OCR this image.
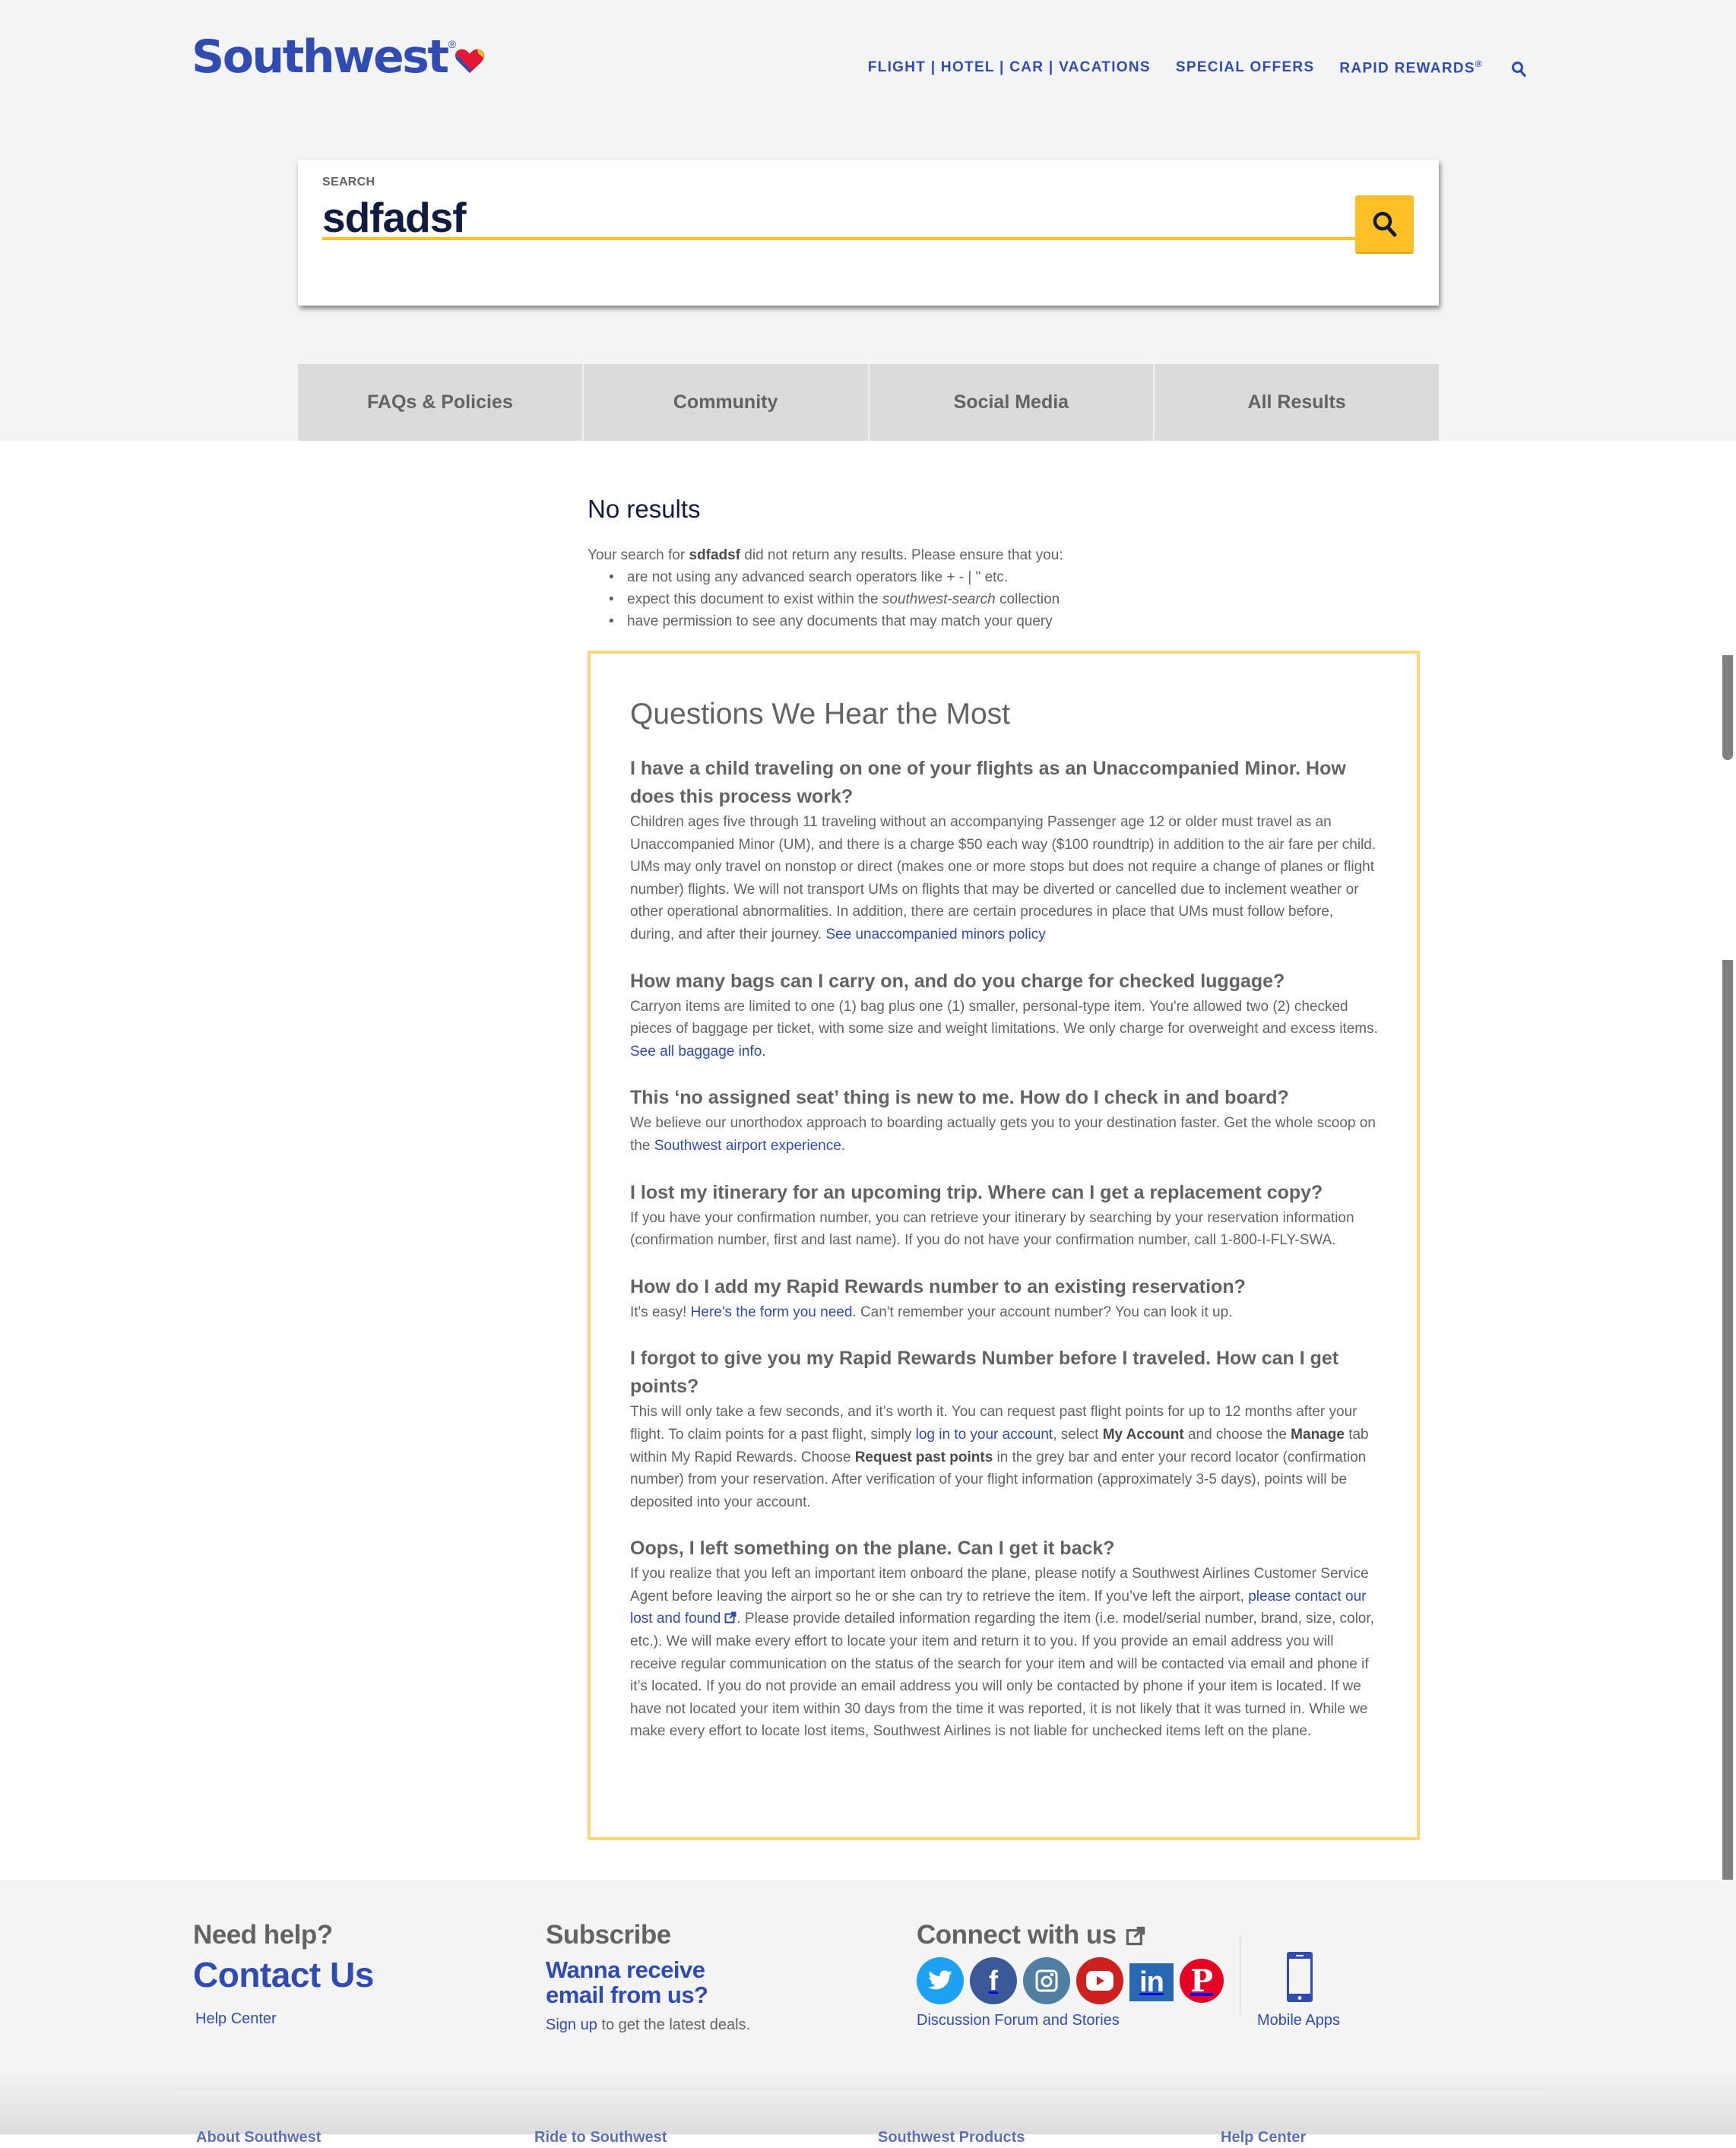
Southwest ®
FLIGHT | HOTEL | CAR | VACATIONS SPECIAL OFFERS RAPID REWARDS®
SEARCH
sdfadsf
FAQs & Policies	Community	Social Media	All Results
No results

Your search for sdfadsf did not return any results. Please ensure that you:

• are not using any advanced search operators like + - | " etc.
• expect this document to exist within the southwest-search collection
• have permission to see any documents that may match your query
Questions We Hear the Most
I have a child traveling on one of your flights as an Unaccompanied Minor. How does this process work?
Children ages five through 11 traveling without an accompanying Passenger age 12 or older must travel as an Unaccompanied Minor (UM), and there is a charge $50 each way ($100 roundtrip) in addition to the air fare per child. UMs may only travel on nonstop or direct (makes one or more stops but does not require a change of planes or flight number) flights. We will not transport UMs on flights that may be diverted or cancelled due to inclement weather or other operational abnormalities. In addition, there are certain procedures in place that UMs must follow before, during, and after their journey. See unaccompanied minors policy
How many bags can I carry on, and do you charge for checked luggage?
Carryon items are limited to one (1) bag plus one (1) smaller, personal-type item. You're allowed two (2) checked pieces of baggage per ticket, with some size and weight limitations. We only charge for overweight and excess items. See all baggage info.
This ‘no assigned seat’ thing is new to me. How do I check in and board?
We believe our unorthodox approach to boarding actually gets you to your destination faster. Get the whole scoop on the Southwest airport experience.
I lost my itinerary for an upcoming trip. Where can I get a replacement copy?
If you have your confirmation number, you can retrieve your itinerary by searching by your reservation information (confirmation number, first and last name). If you do not have your confirmation number, call 1-800-I-FLY-SWA.
How do I add my Rapid Rewards number to an existing reservation?
It's easy! Here's the form you need. Can't remember your account number? You can look it up.
I forgot to give you my Rapid Rewards Number before I traveled. How can I get points?
This will only take a few seconds, and it’s worth it. You can request past flight points for up to 12 months after your flight. To claim points for a past flight, simply log in to your account, select My Account and choose the Manage tab within My Rapid Rewards. Choose Request past points in the grey bar and enter your record locator (confirmation number) from your reservation. After verification of your flight information (approximately 3-5 days), points will be deposited into your account.
Oops, I left something on the plane. Can I get it back?
If you realize that you left an important item onboard the plane, please notify a Southwest Airlines Customer Service Agent before leaving the airport so he or she can try to retrieve the item. If you’ve left the airport, please contact our lost and found . Please provide detailed information regarding the item (i.e. model/serial number, brand, size, color, etc.). We will make every effort to locate your item and return it to you. If you provide an email address you will receive regular communication on the status of the search for your item and will be contacted via email and phone if it’s located. If you do not provide an email address you will only be contacted by phone if your item is located. If we have not located your item within 30 days from the time it was reported, it is not likely that it was turned in. While we make every effort to locate lost items, Southwest Airlines is not liable for unchecked items left on the plane.
Need help?
Contact Us
Help Center
Subscribe
Wanna receive
email from us?
Sign up to get the latest deals.
Connect with us
f	in P
Discussion Forum and Stories	Mobile Apps
About Southwest	Ride to Southwest	Southwest Products	Help Center
